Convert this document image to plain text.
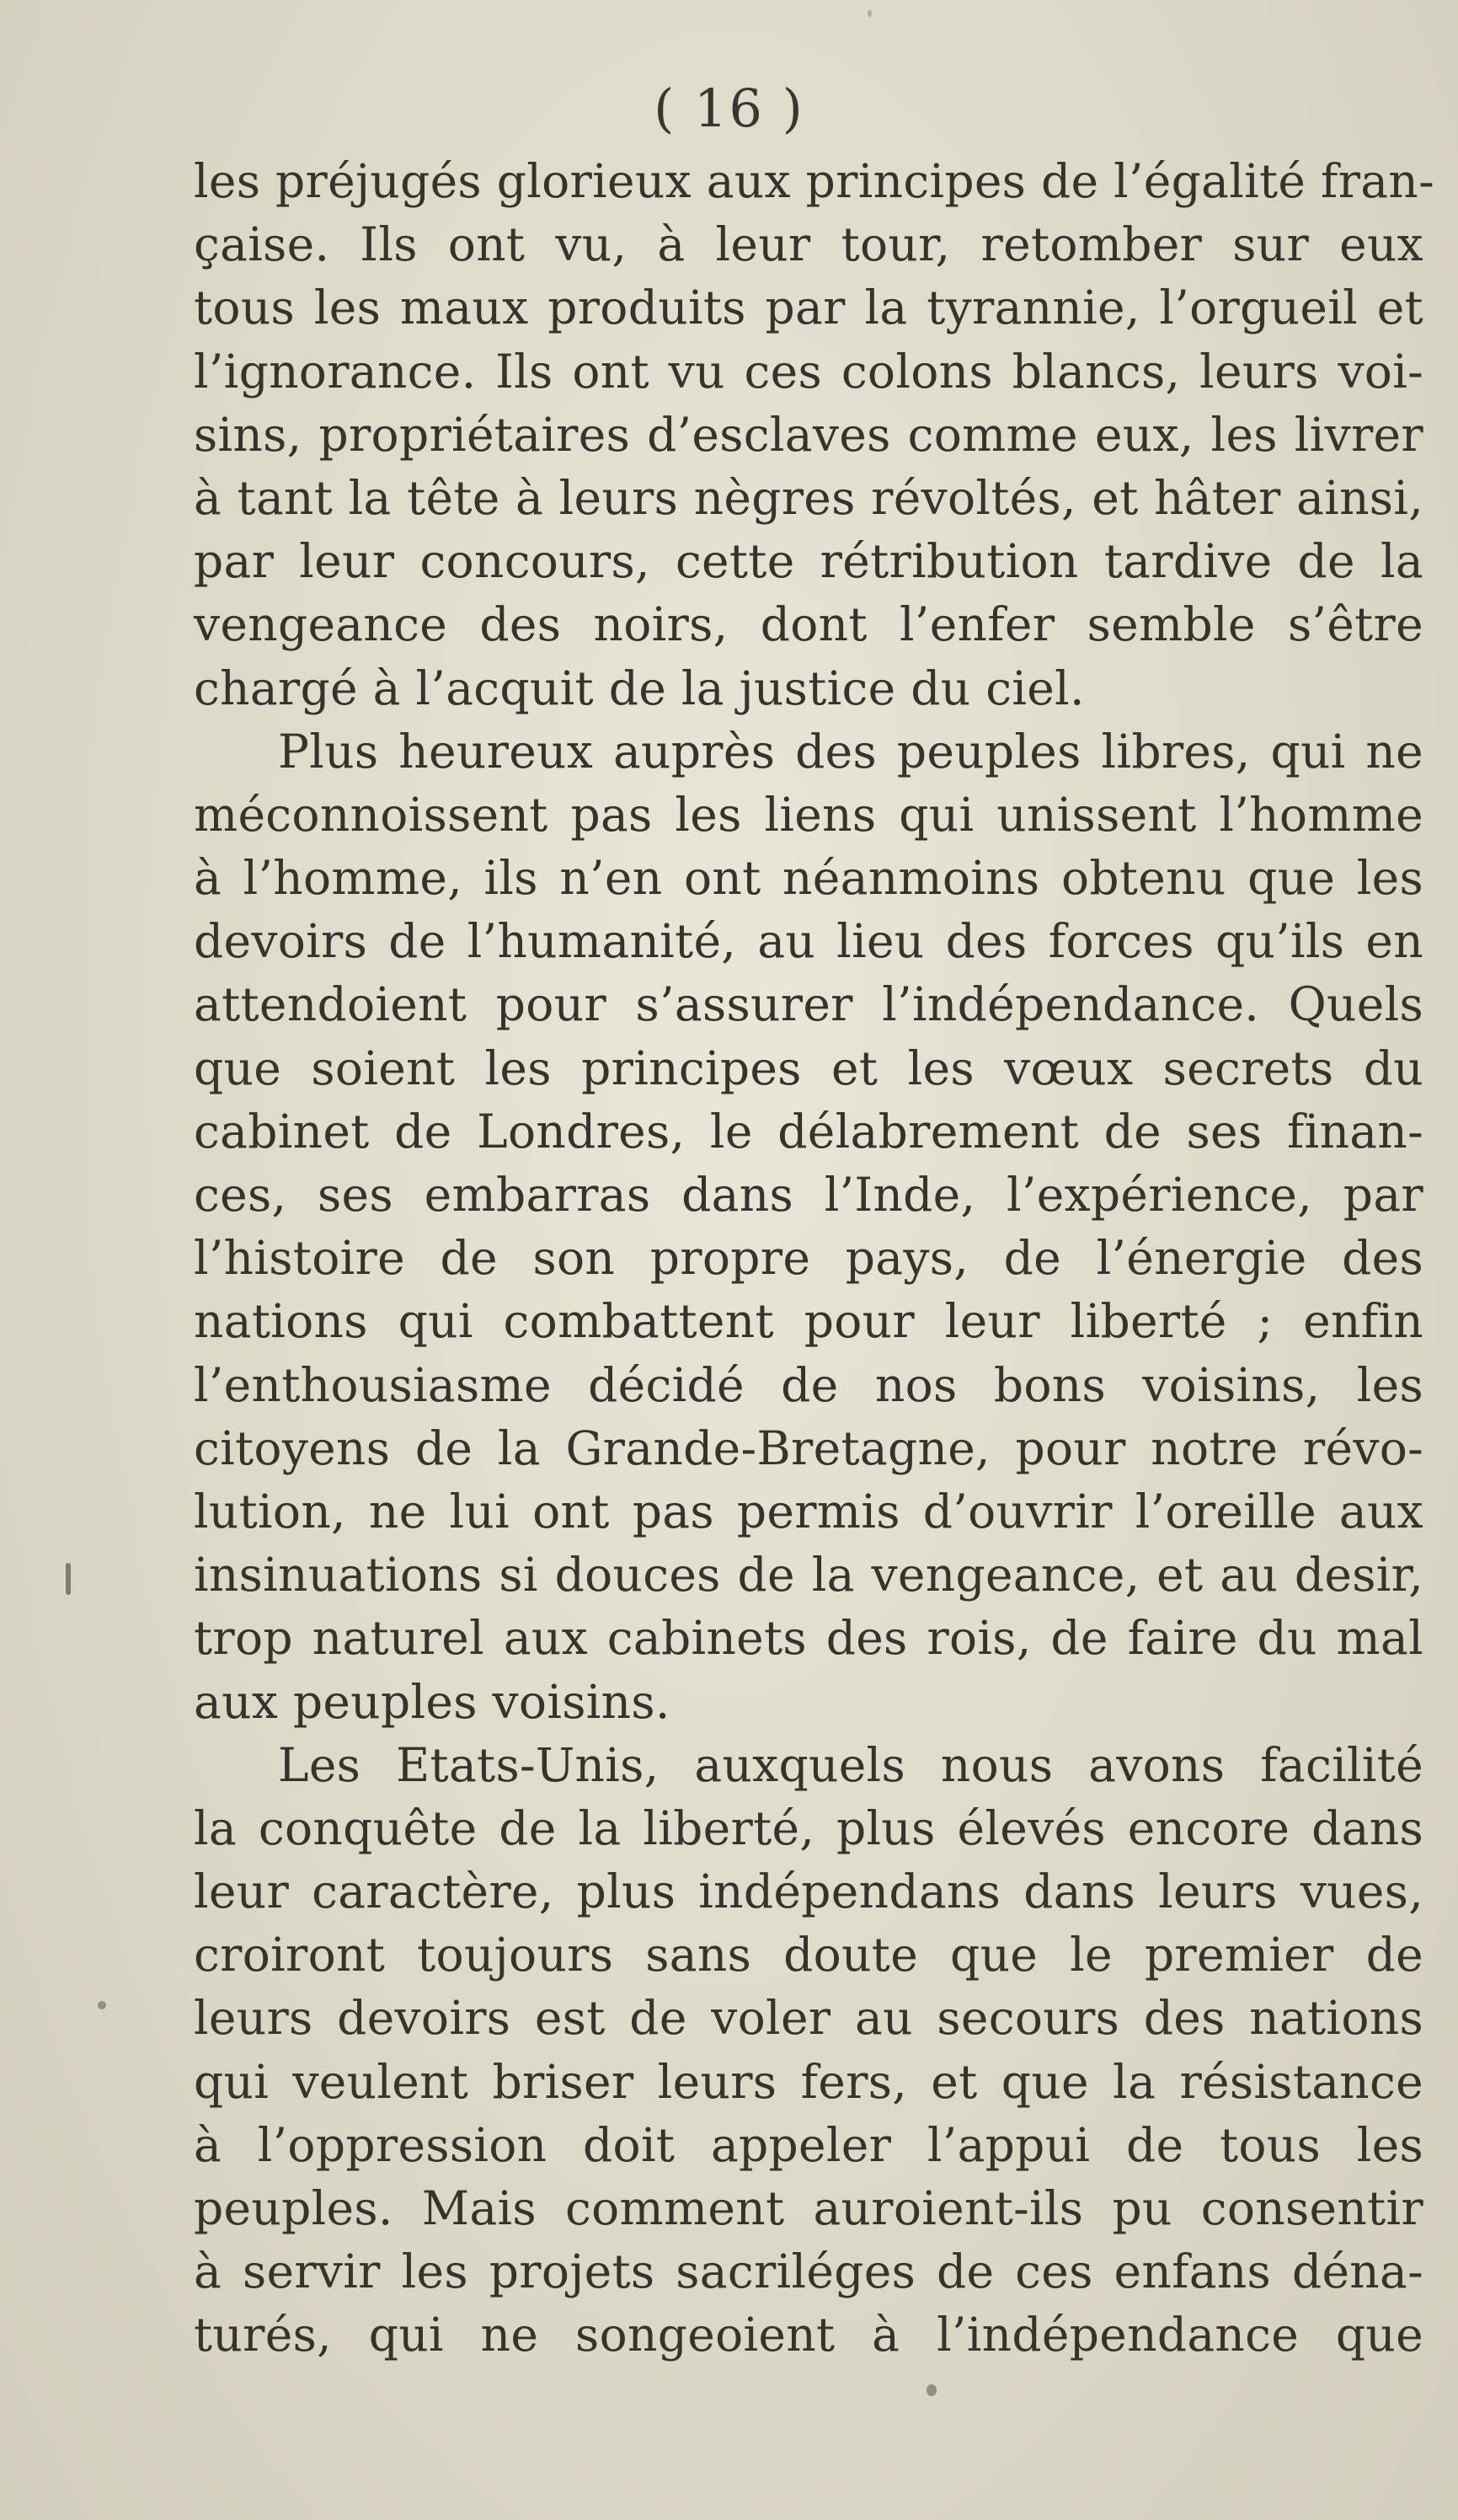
( 16 )
les préjugés glorieux aux principes de l’égalité fran-
çaise. Ils ont vu, à leur tour, retomber sur eux
tous les maux produits par la tyrannie, l’orgueil et
l’ignorance. Ils ont vu ces colons blancs, leurs voi-
sins, propriétaires d’esclaves comme eux, les livrer
à tant la tête à leurs nègres révoltés, et hâter ainsi,
par leur concours, cette rétribution tardive de la
vengeance des noirs, dont l’enfer semble s’être
chargé à l’acquit de la justice du ciel.
Plus heureux auprès des peuples libres, qui ne
méconnoissent pas les liens qui unissent l’homme
à l’homme, ils n’en ont néanmoins obtenu que les
devoirs de l’humanité, au lieu des forces qu’ils en
attendoient pour s’assurer l’indépendance. Quels
que soient les principes et les vœux secrets du
cabinet de Londres, le délabrement de ses finan-
ces, ses embarras dans l’Inde, l’expérience, par
l’histoire de son propre pays, de l’énergie des
nations qui combattent pour leur liberté ; enfin
l’enthousiasme décidé de nos bons voisins, les
citoyens de la Grande-Bretagne, pour notre révo-
lution, ne lui ont pas permis d’ouvrir l’oreille aux
insinuations si douces de la vengeance, et au desir,
trop naturel aux cabinets des rois, de faire du mal
aux peuples voisins.
Les Etats-Unis, auxquels nous avons facilité
la conquête de la liberté, plus élevés encore dans
leur caractère, plus indépendans dans leurs vues,
croiront toujours sans doute que le premier de
leurs devoirs est de voler au secours des nations
qui veulent briser leurs fers, et que la résistance
à l’oppression doit appeler l’appui de tous les
peuples. Mais comment auroient-ils pu consentir
à servir les projets sacriléges de ces enfans déna-
turés, qui ne songeoient à l’indépendance que
